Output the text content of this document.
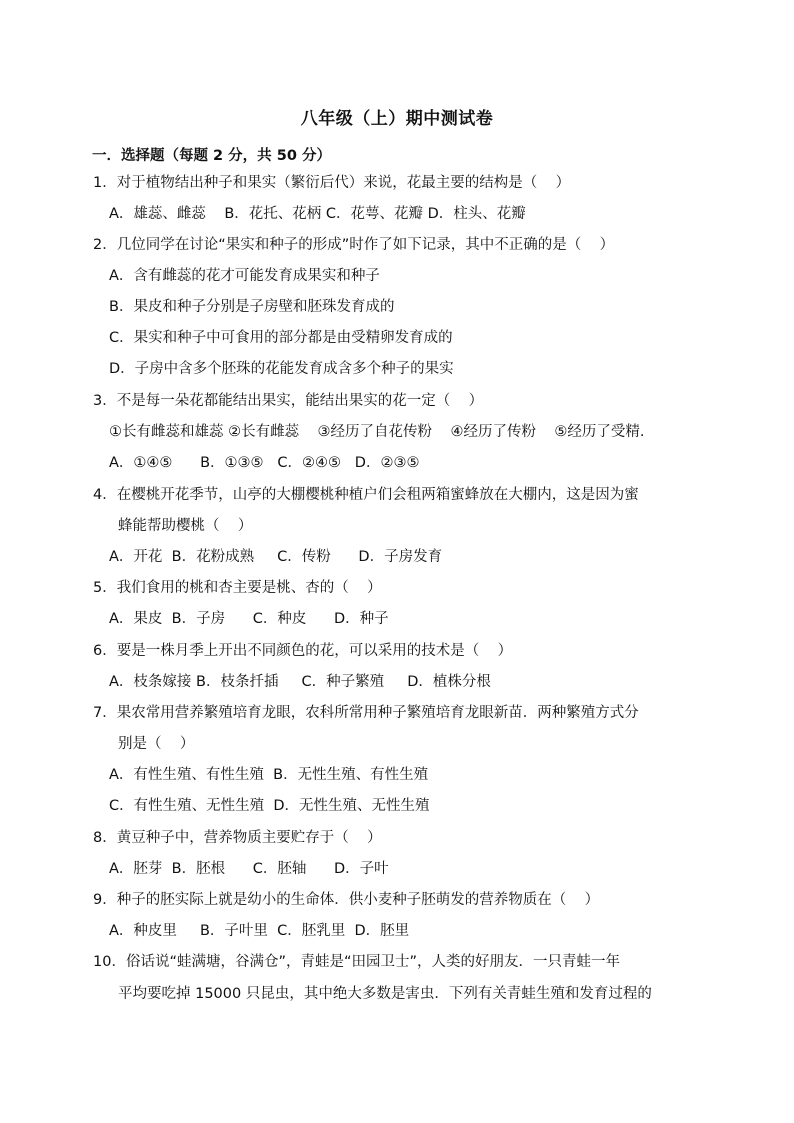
八年级（上）期中测试卷
一．选择题（每题 2 分，共 50 分）
1．对于植物结出种子和果实（繁衍后代）来说，花最主要的结构是（    ）
A．雄蕊、雌蕊    B．花托、花柄 C．花萼、花瓣 D．柱头、花瓣
2．几位同学在讨论“果实和种子的形成”时作了如下记录，其中不正确的是（    ）
A．含有雌蕊的花才可能发育成果实和种子
B．果皮和种子分别是子房壁和胚珠发育成的
C．果实和种子中可食用的部分都是由受精卵发育成的
D．子房中含多个胚珠的花能发育成含多个种子的果实
3．不是每一朵花都能结出果实，能结出果实的花一定（    ）
①长有雌蕊和雄蕊 ②长有雌蕊    ③经历了自花传粉    ④经历了传粉    ⑤经历了受精.
A．①④⑤      B．①③⑤   C．②④⑤   D．②③⑤
4．在樱桃开花季节，山亭的大棚樱桃种植户们会租两箱蜜蜂放在大棚内，这是因为蜜
蜂能帮助樱桃（    ）
A．开花  B．花粉成熟     C．传粉      D．子房发育
5．我们食用的桃和杏主要是桃、杏的（    ）
A．果皮  B．子房      C．种皮      D．种子
6．要是一株月季上开出不同颜色的花，可以采用的技术是（    ）
A．枝条嫁接 B．枝条扦插     C．种子繁殖     D．植株分根
7．果农常用营养繁殖培育龙眼，农科所常用种子繁殖培育龙眼新苗．两种繁殖方式分
别是（    ）
A．有性生殖、有性生殖  B．无性生殖、有性生殖
C．有性生殖、无性生殖  D．无性生殖、无性生殖
8．黄豆种子中，营养物质主要贮存于（    ）
A．胚芽  B．胚根      C．胚轴      D．子叶
9．种子的胚实际上就是幼小的生命体．供小麦种子胚萌发的营养物质在（    ）
A．种皮里     B．子叶里  C．胚乳里  D．胚里
10．俗话说“蛙满塘，谷满仓”，青蛙是“田园卫士”，人类的好朋友．一只青蛙一年
平均要吃掉 15000 只昆虫，其中绝大多数是害虫．下列有关青蛙生殖和发育过程的
